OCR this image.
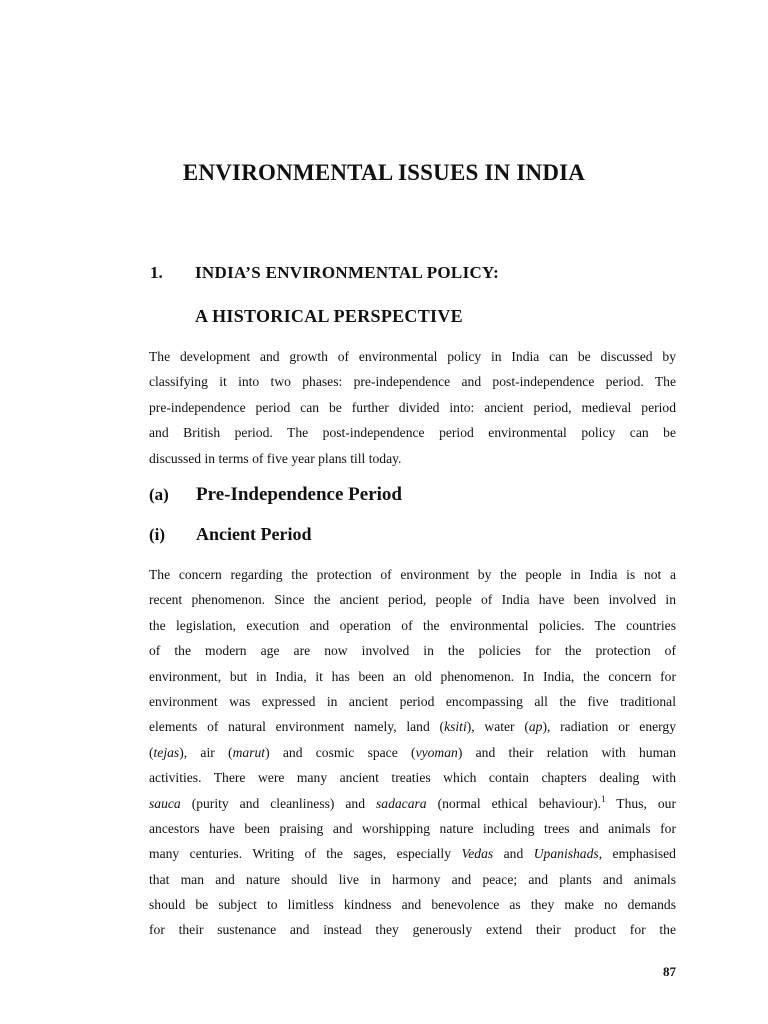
ENVIRONMENTAL ISSUES IN INDIA
1. INDIA’S ENVIRONMENTAL POLICY:
A HISTORICAL PERSPECTIVE
The development and growth of environmental policy in India can be discussed by
classifying it into two phases: pre-independence and post-independence period. The
pre-independence period can be further divided into: ancient period, medieval period
and British period. The post-independence period environmental policy can be
discussed in terms of five year plans till today.
(a) Pre-Independence Period
(i) Ancient Period
The concern regarding the protection of environment by the people in India is not a
recent phenomenon. Since the ancient period, people of India have been involved in
the legislation, execution and operation of the environmental policies. The countries
of the modern age are now involved in the policies for the protection of
environment, but in India, it has been an old phenomenon. In India, the concern for
environment was expressed in ancient period encompassing all the five traditional
elements of natural environment namely, land (ksiti), water (ap), radiation or energy
(tejas), air (marut) and cosmic space (vyoman) and their relation with human
activities. There were many ancient treaties which contain chapters dealing with
sauca (purity and cleanliness) and sadacara (normal ethical behaviour).$^1$ Thus, our
ancestors have been praising and worshipping nature including trees and animals for
many centuries. Writing of the sages, especially Vedas and Upanishads, emphasised
that man and nature should live in harmony and peace; and plants and animals
should be subject to limitless kindness and benevolence as they make no demands
for their sustenance and instead they generously extend their product for the
87
